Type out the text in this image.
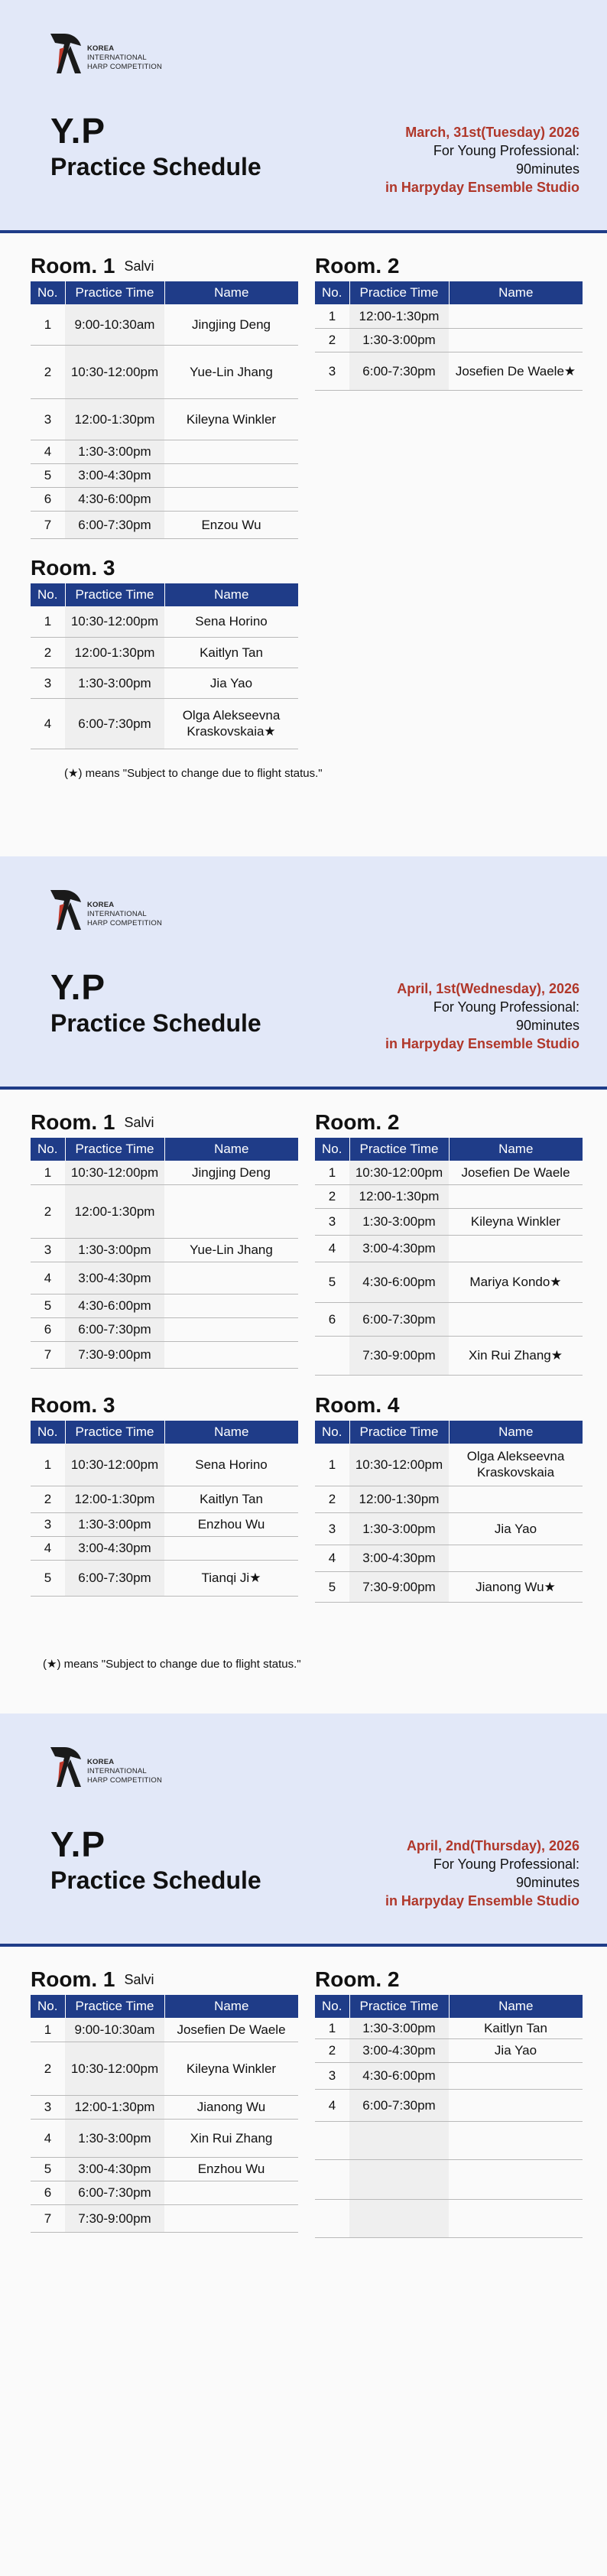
KOREA
INTERNATIONAL
HARP COMPETITION
Y.P
Practice Schedule
March, 31st(Tuesday) 2026
For Young Professional:
90minutes
in Harpyday Ensemble Studio
Room. 1 Salvi
No.	Practice Time	Name
1	9:00-10:30am	Jingjing Deng
2	10:30-12:00pm	Yue-Lin Jhang
3	12:00-1:30pm	Kileyna Winkler
4	1:30-3:00pm	
5	3:00-4:30pm	
6	4:30-6:00pm	
7	6:00-7:30pm	Enzou Wu
Room. 2
No.	Practice Time	Name
1	12:00-1:30pm	
2	1:30-3:00pm	
3	6:00-7:30pm	Josefien De Waele★
Room. 3
No.	Practice Time	Name
1	10:30-12:00pm	Sena Horino
2	12:00-1:30pm	Kaitlyn Tan
3	1:30-3:00pm	Jia Yao
4	6:00-7:30pm	Olga Alekseevna Kraskovskaia★
(★) means "Subject to change due to flight status."
KOREA
INTERNATIONAL
HARP COMPETITION
Y.P
Practice Schedule
April, 1st(Wednesday), 2026
For Young Professional:
90minutes
in Harpyday Ensemble Studio
Room. 1 Salvi
No.	Practice Time	Name
1	10:30-12:00pm	Jingjing Deng
2	12:00-1:30pm	
3	1:30-3:00pm	Yue-Lin Jhang
4	3:00-4:30pm	
5	4:30-6:00pm	
6	6:00-7:30pm	
7	7:30-9:00pm	
Room. 2
No.	Practice Time	Name
1	10:30-12:00pm	Josefien De Waele
2	12:00-1:30pm	
3	1:30-3:00pm	Kileyna Winkler
4	3:00-4:30pm	
5	4:30-6:00pm	Mariya Kondo★
6	6:00-7:30pm	
	7:30-9:00pm	Xin Rui Zhang★
Room. 3
No.	Practice Time	Name
1	10:30-12:00pm	Sena Horino
2	12:00-1:30pm	Kaitlyn Tan
3	1:30-3:00pm	Enzhou Wu
4	3:00-4:30pm	
5	6:00-7:30pm	Tianqi Ji★
Room. 4
No.	Practice Time	Name
1	10:30-12:00pm	Olga Alekseevna Kraskovskaia
2	12:00-1:30pm	
3	1:30-3:00pm	Jia Yao
4	3:00-4:30pm	
5	7:30-9:00pm	Jianong Wu★
(★) means "Subject to change due to flight status."
KOREA
INTERNATIONAL
HARP COMPETITION
Y.P
Practice Schedule
April, 2nd(Thursday), 2026
For Young Professional:
90minutes
in Harpyday Ensemble Studio
Room. 1 Salvi
No.	Practice Time	Name
1	9:00-10:30am	Josefien De Waele
2	10:30-12:00pm	Kileyna Winkler
3	12:00-1:30pm	Jianong Wu
4	1:30-3:00pm	Xin Rui Zhang
5	3:00-4:30pm	Enzhou Wu
6	6:00-7:30pm	
7	7:30-9:00pm	
Room. 2
No.	Practice Time	Name
1	1:30-3:00pm	Kaitlyn Tan
2	3:00-4:30pm	Jia Yao
3	4:30-6:00pm	
4	6:00-7:30pm	
